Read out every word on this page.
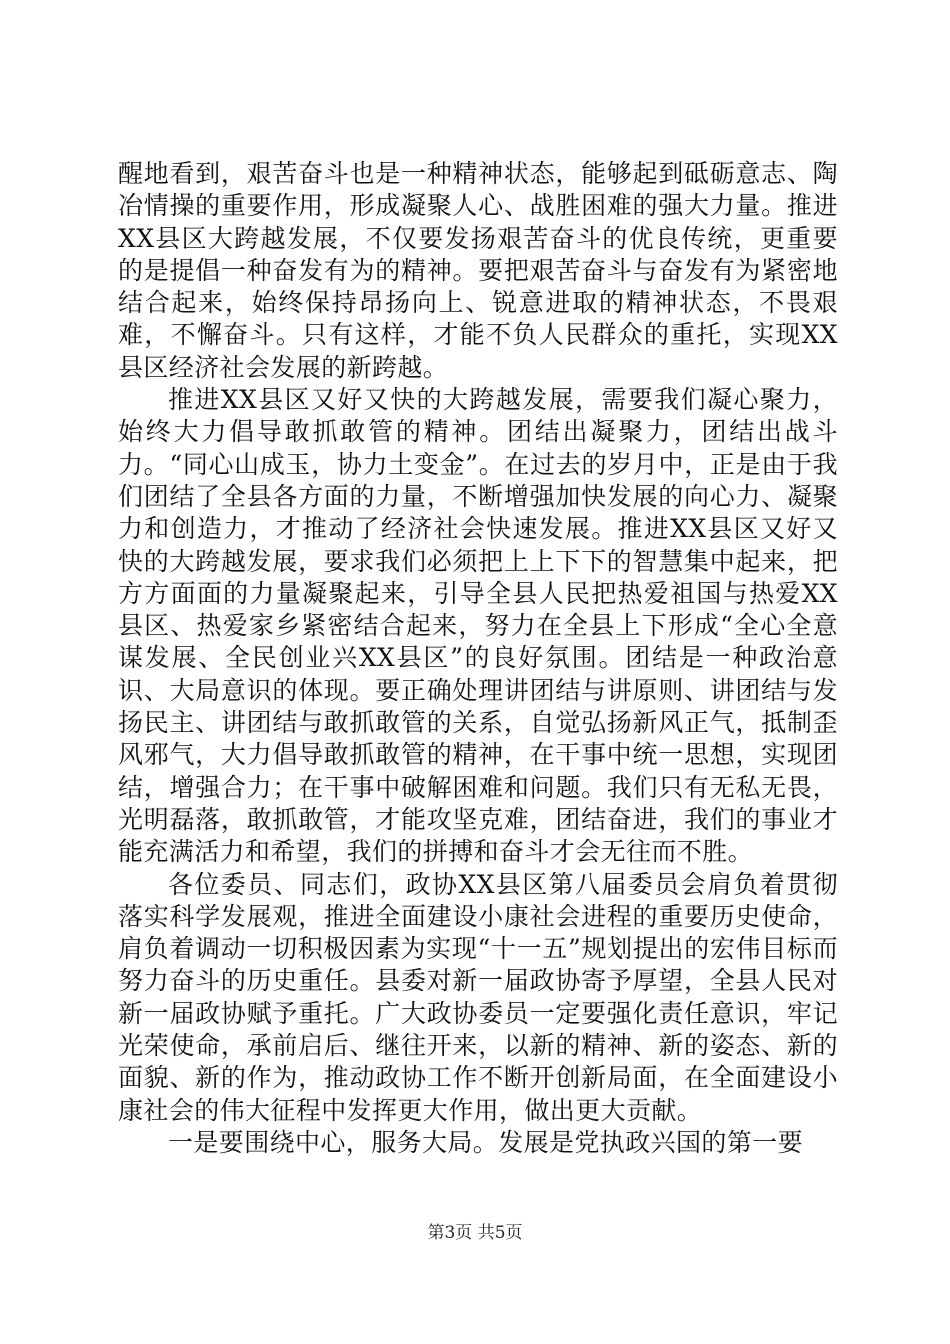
醒地看到，艰苦奋斗也是一种精神状态，能够起到砥砺意志、陶冶情操的重要作用，形成凝聚人心、战胜困难的强大力量。推进XX县区大跨越发展，不仅要发扬艰苦奋斗的优良传统，更重要的是提倡一种奋发有为的精神。要把艰苦奋斗与奋发有为紧密地结合起来，始终保持昂扬向上、锐意进取的精神状态，不畏艰难，不懈奋斗。只有这样，才能不负人民群众的重托，实现XX县区经济社会发展的新跨越。

推进XX县区又好又快的大跨越发展，需要我们凝心聚力，始终大力倡导敢抓敢管的精神。团结出凝聚力，团结出战斗力。“同心山成玉，协力土变金”。在过去的岁月中，正是由于我们团结了全县各方面的力量，不断增强加快发展的向心力、凝聚力和创造力，才推动了经济社会快速发展。推进XX县区又好又快的大跨越发展，要求我们必须把上上下下的智慧集中起来，把方方面面的力量凝聚起来，引导全县人民把热爱祖国与热爱XX县区、热爱家乡紧密结合起来，努力在全县上下形成“全心全意谋发展、全民创业兴XX县区”的良好氛围。团结是一种政治意识、大局意识的体现。要正确处理讲团结与讲原则、讲团结与发扬民主、讲团结与敢抓敢管的关系，自觉弘扬新风正气，抵制歪风邪气，大力倡导敢抓敢管的精神，在干事中统一思想，实现团结，增强合力；在干事中破解困难和问题。我们只有无私无畏，光明磊落，敢抓敢管，才能攻坚克难，团结奋进，我们的事业才能充满活力和希望，我们的拼搏和奋斗才会无往而不胜。

各位委员、同志们，政协XX县区第八届委员会肩负着贯彻落实科学发展观，推进全面建设小康社会进程的重要历史使命，肩负着调动一切积极因素为实现“十一五”规划提出的宏伟目标而努力奋斗的历史重任。县委对新一届政协寄予厚望，全县人民对新一届政协赋予重托。广大政协委员一定要强化责任意识，牢记光荣使命，承前启后、继往开来，以新的精神、新的姿态、新的面貌、新的作为，推动政协工作不断开创新局面，在全面建设小康社会的伟大征程中发挥更大作用，做出更大贡献。

一是要围绕中心，服务大局。发展是党执政兴国的第一要

第3页 共5页
